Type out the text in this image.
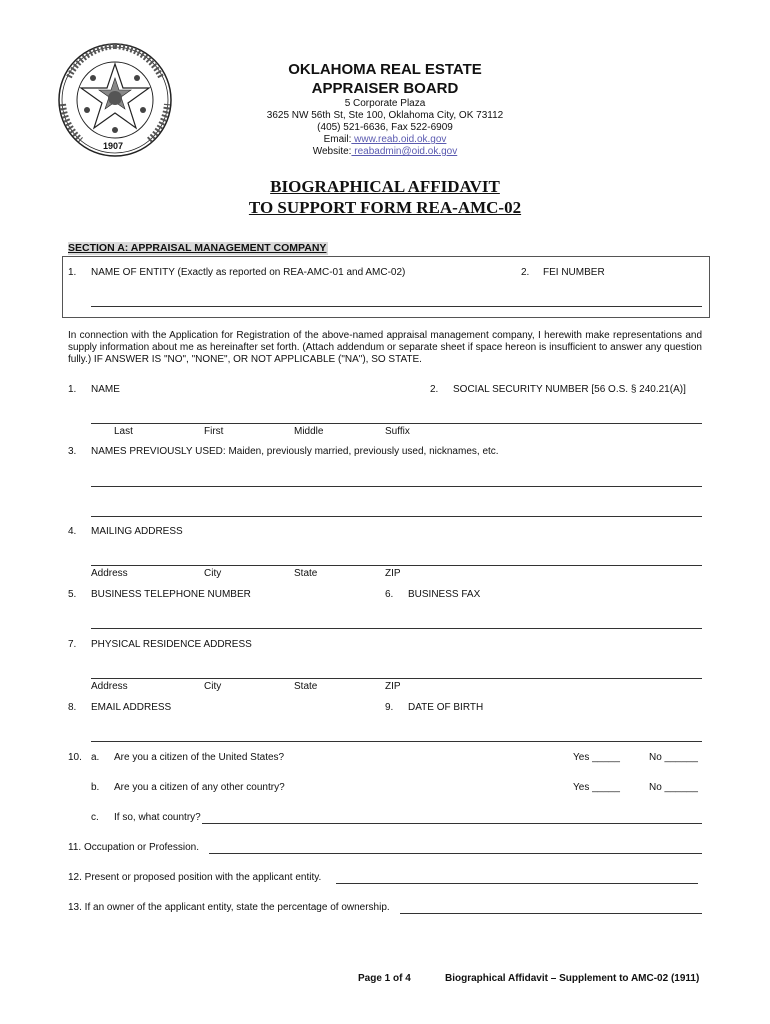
1907
OKLAHOMA REAL ESTATE
APPRAISER BOARD
5 Corporate Plaza
3625 NW 56th St, Ste 100, Oklahoma City, OK 73112
(405) 521-6636, Fax 522-6909
Email: www.reab.oid.ok.gov
Website: reabadmin@oid.ok.gov
BIOGRAPHICAL AFFIDAVIT
TO SUPPORT FORM REA-AMC-02
SECTION A: APPRAISAL MANAGEMENT COMPANY
1. NAME OF ENTITY (Exactly as reported on REA-AMC-01 and AMC-02)	2. FEI NUMBER
In connection with the Application for Registration of the above-named appraisal management company, I herewith make representations and supply information about me as hereinafter set forth. (Attach addendum or separate sheet if space hereon is insufficient to answer any question fully.) IF ANSWER IS "NO", "NONE", OR NOT APPLICABLE ("NA"), SO STATE.
1. NAME	2. SOCIAL SECURITY NUMBER [56 O.S. § 240.21(A)]
Last	First	Middle	Suffix
3. NAMES PREVIOUSLY USED: Maiden, previously married, previously used, nicknames, etc.
4. MAILING ADDRESS
Address	City	State	ZIP
5. BUSINESS TELEPHONE NUMBER	6. BUSINESS FAX
7. PHYSICAL RESIDENCE ADDRESS
Address	City	State	ZIP
8. EMAIL ADDRESS	9. DATE OF BIRTH
10. a. Are you a citizen of the United States?	Yes _____	No ______
b. Are you a citizen of any other country?	Yes _____	No ______
c. If so, what country?
11. Occupation or Profession.
12. Present or proposed position with the applicant entity.
13. If an owner of the applicant entity, state the percentage of ownership.
Page 1 of 4	Biographical Affidavit – Supplement to AMC-02 (1911)
